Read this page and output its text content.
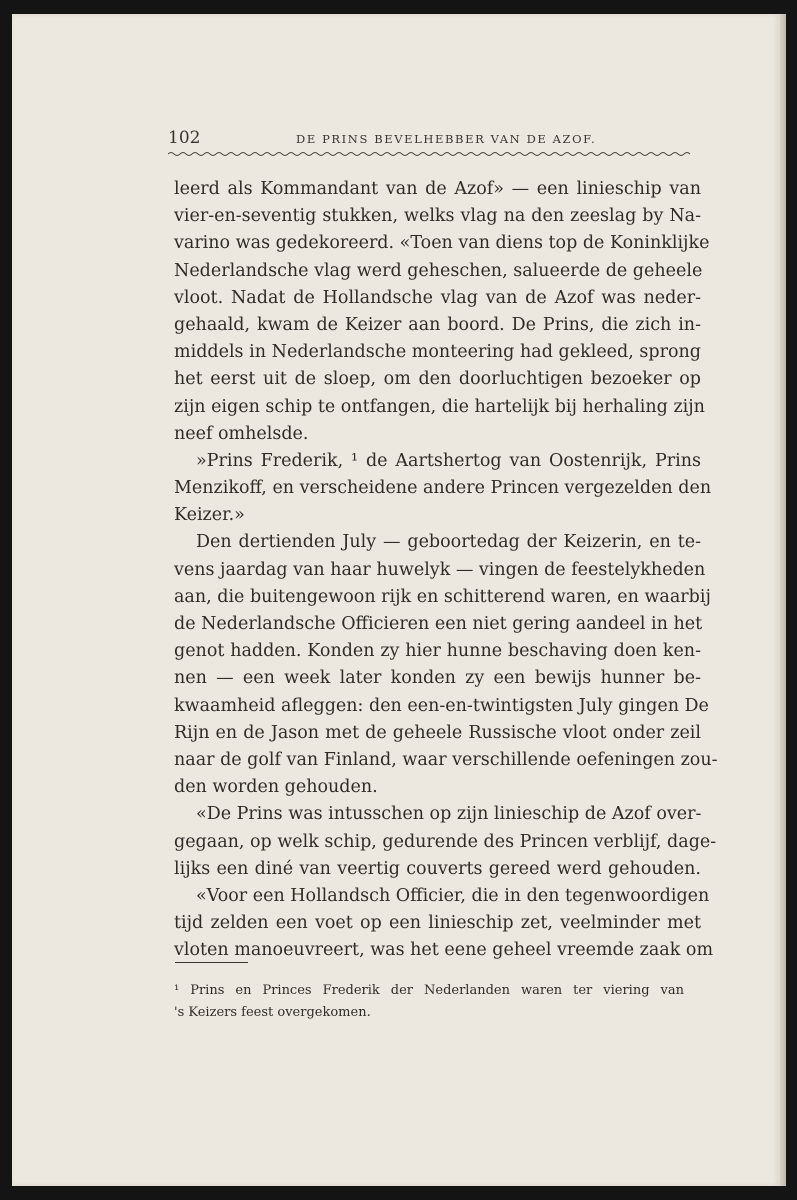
102	DE PRINS BEVELHEBBER VAN DE AZOF.
leerd als Kommandant van de Azof» — een linieschip van
vier-en-seventig stukken, welks vlag na den zeeslag by Na-
varino was gedekoreerd. «Toen van diens top de Koninklijke
Nederlandsche vlag werd geheschen, salueerde de geheele
vloot. Nadat de Hollandsche vlag van de Azof was neder-
gehaald, kwam de Keizer aan boord. De Prins, die zich in-
middels in Nederlandsche monteering had gekleed, sprong
het eerst uit de sloep, om den doorluchtigen bezoeker op
zijn eigen schip te ontfangen, die hartelijk bij herhaling zijn
neef omhelsde.
»Prins Frederik, ¹ de Aartshertog van Oostenrijk, Prins
Menzikoff, en verscheidene andere Princen vergezelden den
Keizer.»
Den dertienden July — geboortedag der Keizerin, en te-
vens jaardag van haar huwelyk — vingen de feestelykheden
aan, die buitengewoon rijk en schitterend waren, en waarbij
de Nederlandsche Officieren een niet gering aandeel in het
genot hadden. Konden zy hier hunne beschaving doen ken-
nen — een week later konden zy een bewijs hunner be-
kwaamheid afleggen: den een-en-twintigsten July gingen De
Rijn en de Jason met de geheele Russische vloot onder zeil
naar de golf van Finland, waar verschillende oefeningen zou-
den worden gehouden.
«De Prins was intusschen op zijn linieschip de Azof over-
gegaan, op welk schip, gedurende des Princen verblijf, dage-
lijks een diné van veertig couverts gereed werd gehouden.
«Voor een Hollandsch Officier, die in den tegenwoordigen
tijd zelden een voet op een linieschip zet, veelminder met
vloten manoeuvreert, was het eene geheel vreemde zaak om
¹ Prins en Princes Frederik der Nederlanden waren ter viering van
's Keizers feest overgekomen.
